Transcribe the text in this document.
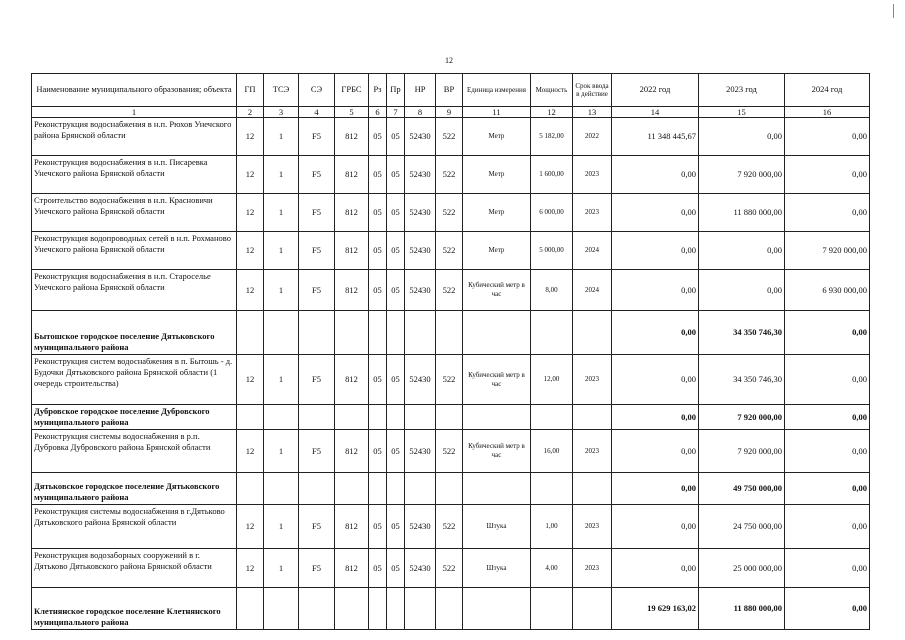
12
Наименование муниципального образования; объекта	ГП	ТСЭ	СЭ	ГРБС	Рз	Пр	НР	ВР	Единица измерения	Мощность	Срок ввода в действие	2022 год	2023 год	2024 год
1	2	3	4	5	6	7	8	9	11	12	13	14	15	16
Реконструкция водоснабжения в н.п. Рюхов Унечского района Брянской области	12	1	F5	812	05	05	52430	522	Метр	5 182,00	2022	11 348 445,67	0,00	0,00
Реконструкция водоснабжения в н.п. Писаревка Унечского района Брянской области	12	1	F5	812	05	05	52430	522	Метр	1 600,00	2023	0,00	7 920 000,00	0,00
Строительство водоснабжения в н.п. Красновичи Унечского района Брянской области	12	1	F5	812	05	05	52430	522	Метр	6 000,00	2023	0,00	11 880 000,00	0,00
Реконструкция водопроводных сетей в н.п. Рохманово Унечского района Брянской области	12	1	F5	812	05	05	52430	522	Метр	5 000,00	2024	0,00	0,00	7 920 000,00
Реконструкция водоснабжения в н.п. Староселье Унечского района Брянской области	12	1	F5	812	05	05	52430	522	Кубический метр в час	8,00	2024	0,00	0,00	6 930 000,00
Бытошское городское поселение Дятьковского муниципального района												0,00	34 350 746,30	0,00
Реконструкция систем водоснабжения в п. Бытошь - д. Будочки Дятьковского района Брянской области (1 очередь строительства)	12	1	F5	812	05	05	52430	522	Кубический метр в час	12,00	2023	0,00	34 350 746,30	0,00
Дубровское городское поселение Дубровского муниципального района												0,00	7 920 000,00	0,00
Реконструкция системы водоснабжения в р.п. Дубровка Дубровского района Брянской области	12	1	F5	812	05	05	52430	522	Кубический метр в час	16,00	2023	0,00	7 920 000,00	0,00
Дятьковское городское поселение Дятьковского муниципального района												0,00	49 750 000,00	0,00
Реконструкция системы водоснабжения в г.Дятьково Дятьковского района Брянской области	12	1	F5	812	05	05	52430	522	Штука	1,00	2023	0,00	24 750 000,00	0,00
Реконструкция водозаборных сооружений в г. Дятьково Дятьковского района Брянской области	12	1	F5	812	05	05	52430	522	Штука	4,00	2023	0,00	25 000 000,00	0,00
Клетнянское городское поселение Клетнянского муниципального района												19 629 163,02	11 880 000,00	0,00
